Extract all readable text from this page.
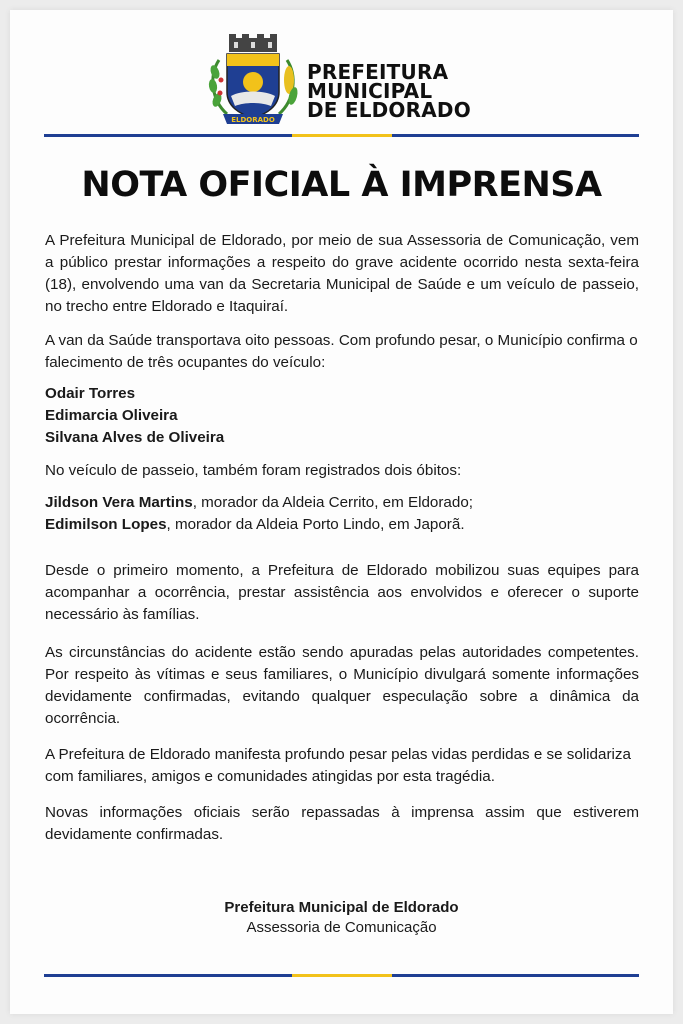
ELDORADO
PREFEITURA
MUNICIPAL
DE ELDORADO
NOTA OFICIAL À IMPRENSA

A Prefeitura Municipal de Eldorado, por meio de sua Assessoria de Comunicação, vem a público prestar informações a respeito do grave acidente ocorrido nesta sexta-feira (18), envolvendo uma van da Secretaria Municipal de Saúde e um veículo de passeio, no trecho entre Eldorado e Itaquiraí.

A van da Saúde transportava oito pessoas. Com profundo pesar, o Município confirma o falecimento de três ocupantes do veículo:

Odair Torres
Edimarcia Oliveira
Silvana Alves de Oliveira

No veículo de passeio, também foram registrados dois óbitos:

Jildson Vera Martins, morador da Aldeia Cerrito, em Eldorado;
Edimilson Lopes, morador da Aldeia Porto Lindo, em Japorã.

Desde o primeiro momento, a Prefeitura de Eldorado mobilizou suas equipes para acompanhar a ocorrência, prestar assistência aos envolvidos e oferecer o suporte necessário às famílias.

As circunstâncias do acidente estão sendo apuradas pelas autoridades competentes. Por respeito às vítimas e seus familiares, o Município divulgará somente informações devidamente confirmadas, evitando qualquer especulação sobre a dinâmica da ocorrência.

A Prefeitura de Eldorado manifesta profundo pesar pelas vidas perdidas e se solidariza com familiares, amigos e comunidades atingidas por esta tragédia.

Novas informações oficiais serão repassadas à imprensa assim que estiverem devidamente confirmadas.

Prefeitura Municipal de Eldorado
Assessoria de Comunicação
